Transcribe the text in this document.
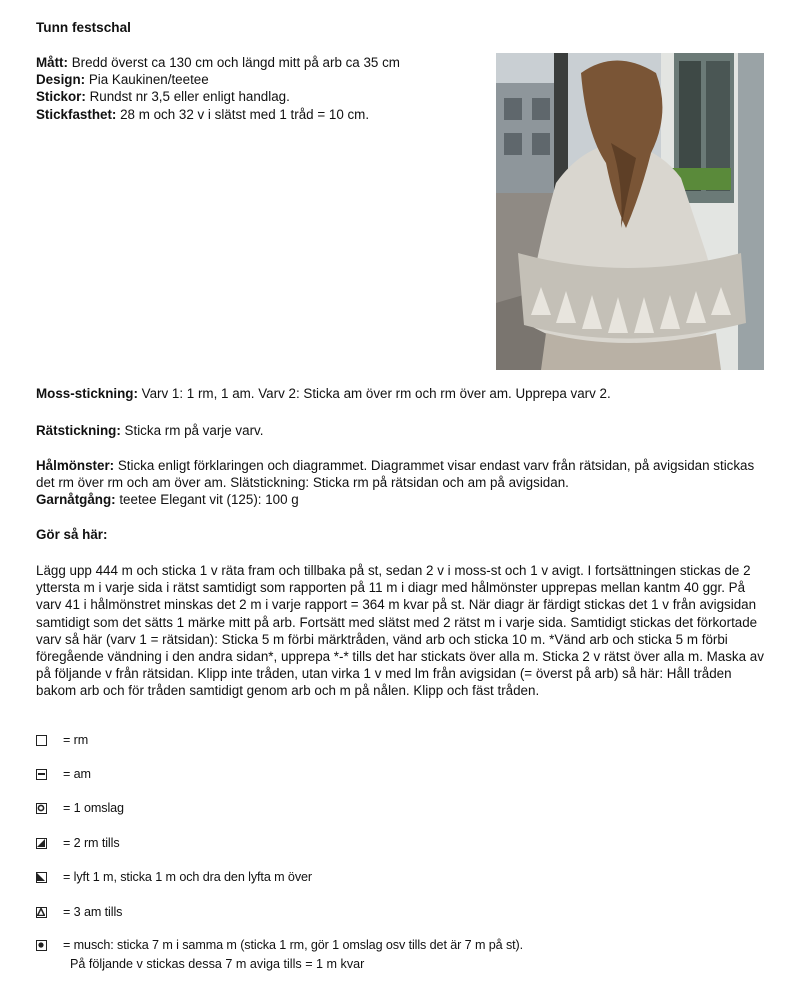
Tunn festschal
Mått: Bredd överst ca 130 cm och längd mitt på arb ca 35 cm
Design: Pia Kaukinen/teetee
Stickor: Rundst nr 3,5 eller enligt handlag.
Stickfasthet: 28 m och 32 v i slätst med 1 tråd = 10 cm.
Moss-stickning: Varv 1: 1 rm, 1 am. Varv 2: Sticka am över rm och rm över am. Upprepa varv 2.
Rätstickning: Sticka rm på varje varv.
Hålmönster: Sticka enligt förklaringen och diagrammet. Diagrammet visar endast varv från rätsidan, på avigsidan stickas det rm över rm och am över am. Slätstickning: Sticka rm på rätsidan och am på avigsidan.
Garnåtgång: teetee Elegant vit (125): 100 g
Gör så här:
Lägg upp 444 m och sticka 1 v räta fram och tillbaka på st, sedan 2 v i moss-st och 1 v avigt. I fortsättningen stickas de 2 yttersta m i varje sida i rätst samtidigt som rapporten på 11 m i diagr med hålmönster upprepas mellan kantm 40 ggr. På varv 41 i hålmönstret minskas det 2 m i varje rapport = 364 m kvar på st. När diagr är färdigt stickas det 1 v från avigsidan samtidigt som det sätts 1 märke mitt på arb. Fortsätt med slätst med 2 rätst m i varje sida. Samtidigt stickas det förkortade varv så här (varv 1 = rätsidan): Sticka 5 m förbi märktråden, vänd arb och sticka 10 m. *Vänd arb och sticka 5 m förbi föregående vändning i den andra sidan*, upprepa *-* tills det har stickats över alla m. Sticka 2 v rätst över alla m. Maska av på följande v från rätsidan. Klipp inte tråden, utan virka 1 v med lm från avigsidan (= överst på arb) så här: Håll tråden bakom arb och för tråden samtidigt genom arb och m på nålen. Klipp och fäst tråden.
= rm
= am
= 1 omslag
= 2 rm tills
= lyft 1 m, sticka 1 m och dra den lyfta m över
= 3 am tills
= musch: sticka 7 m i samma m (sticka 1 rm, gör 1 omslag osv tills det är 7 m på st).
På följande v stickas dessa 7 m aviga tills = 1 m kvar
